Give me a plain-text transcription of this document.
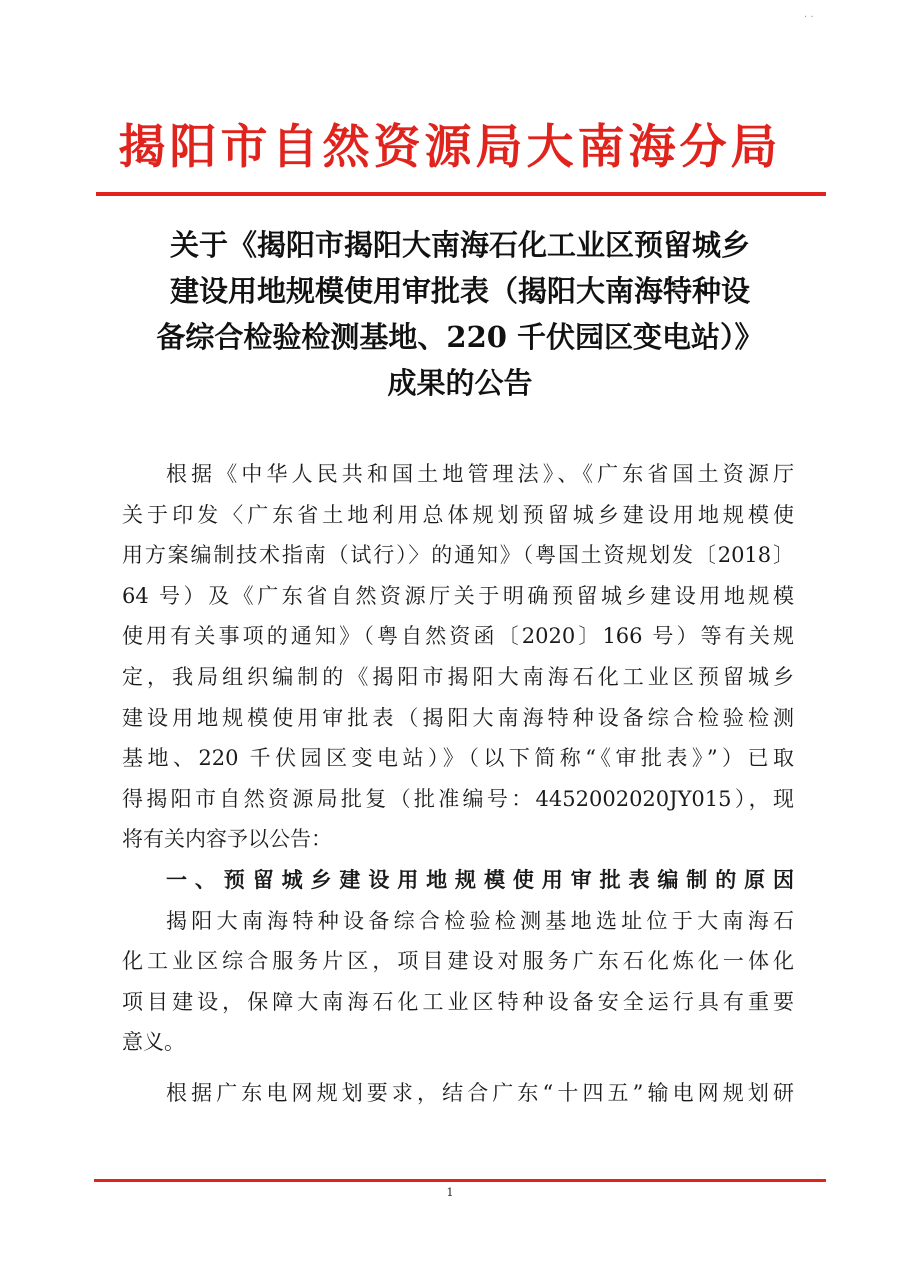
· ·
揭阳市自然资源局大南海分局
关于《揭阳市揭阳大南海石化工业区预留城乡
建设用地规模使用审批表（揭阳大南海特种设
备综合检验检测基地、220 千伏园区变电站）》
成果的公告
根据《中华人民共和国土地管理法》、《广东省国土资源厅
关于印发〈广东省土地利用总体规划预留城乡建设用地规模使
用方案编制技术指南（试行）〉的通知》（粤国土资规划发〔2018〕
64 号）及《广东省自然资源厅关于明确预留城乡建设用地规模
使用有关事项的通知》（粤自然资函〔2020〕166 号）等有关规
定，我局组织编制的《揭阳市揭阳大南海石化工业区预留城乡
建设用地规模使用审批表（揭阳大南海特种设备综合检验检测
基地、220 千伏园区变电站）》（以下简称“《审批表》”）已取
得揭阳市自然资源局批复（批准编号：4452002020JY015），现
将有关内容予以公告：
一、预留城乡建设用地规模使用审批表编制的原因
揭阳大南海特种设备综合检验检测基地选址位于大南海石
化工业区综合服务片区，项目建设对服务广东石化炼化一体化
项目建设，保障大南海石化工业区特种设备安全运行具有重要
意义。
根据广东电网规划要求，结合广东“十四五”输电网规划研
1
